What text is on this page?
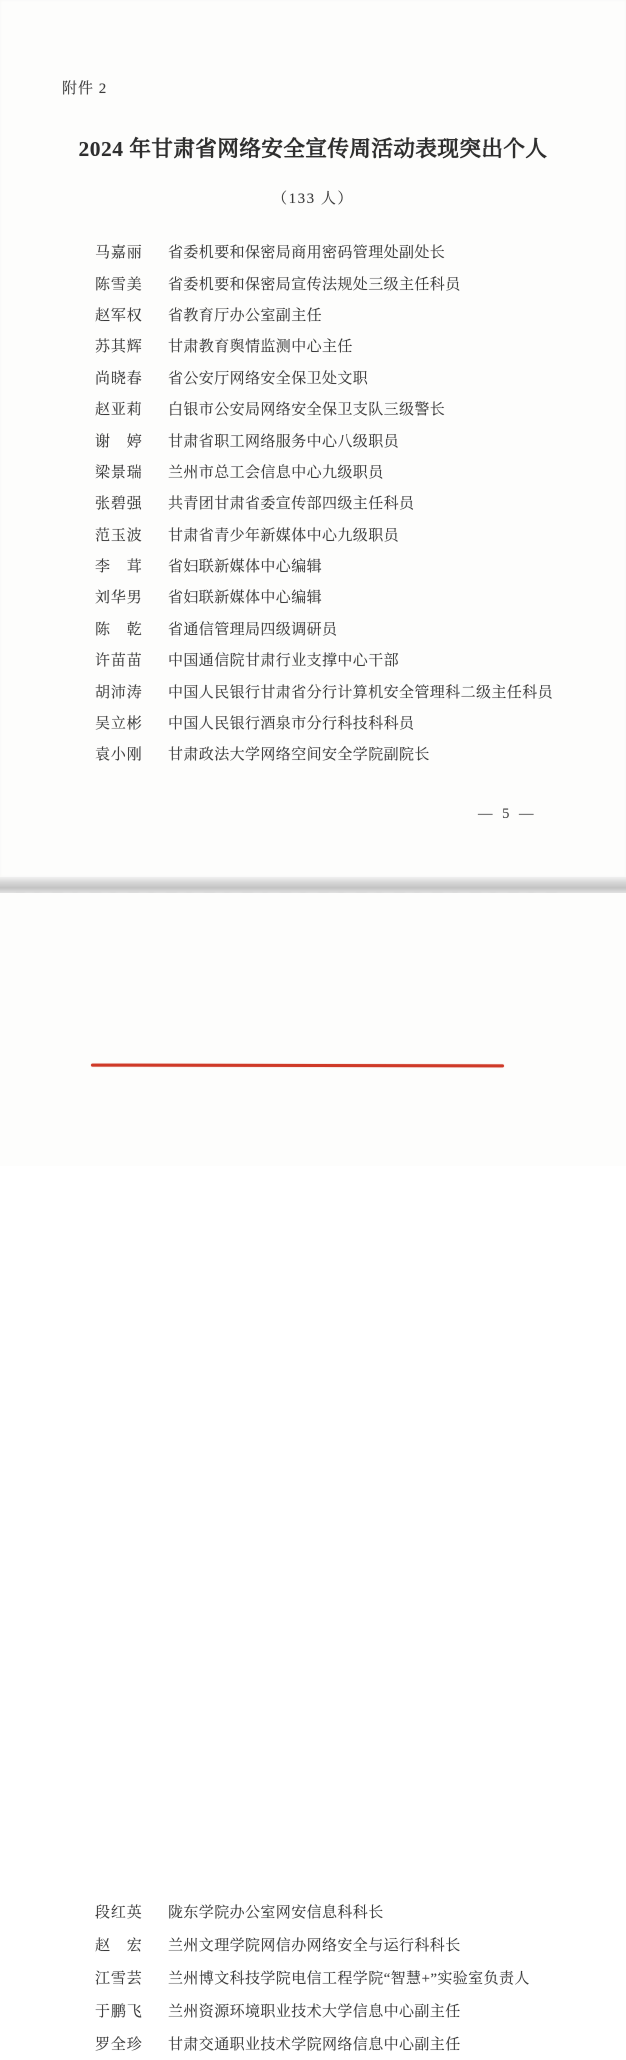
附件 2
2024 年甘肃省网络安全宣传周活动表现突出个人
（133 人）
马嘉丽 省委机要和保密局商用密码管理处副处长
陈雪美 省委机要和保密局宣传法规处三级主任科员
赵军权 省教育厅办公室副主任
苏其辉 甘肃教育舆情监测中心主任
尚晓春 省公安厅网络安全保卫处文职
赵亚莉 白银市公安局网络安全保卫支队三级警长
谢婷 甘肃省职工网络服务中心八级职员
梁景瑞 兰州市总工会信息中心九级职员
张碧强 共青团甘肃省委宣传部四级主任科员
范玉波 甘肃省青少年新媒体中心九级职员
李茸 省妇联新媒体中心编辑
刘华男 省妇联新媒体中心编辑
陈乾 省通信管理局四级调研员
许苗苗 中国通信院甘肃行业支撑中心干部
胡沛涛 中国人民银行甘肃省分行计算机安全管理科二级主任科员
吴立彬 中国人民银行酒泉市分行科技科科员
袁小刚 甘肃政法大学网络空间安全学院副院长
— 5 —
段红英 陇东学院办公室网安信息科科长
赵宏 兰州文理学院网信办网络安全与运行科科长
江雪芸 兰州博文科技学院电信工程学院“智慧+”实验室负责人
于鹏飞 兰州资源环境职业技术大学信息中心副主任
罗全珍 甘肃交通职业技术学院网络信息中心副主任
